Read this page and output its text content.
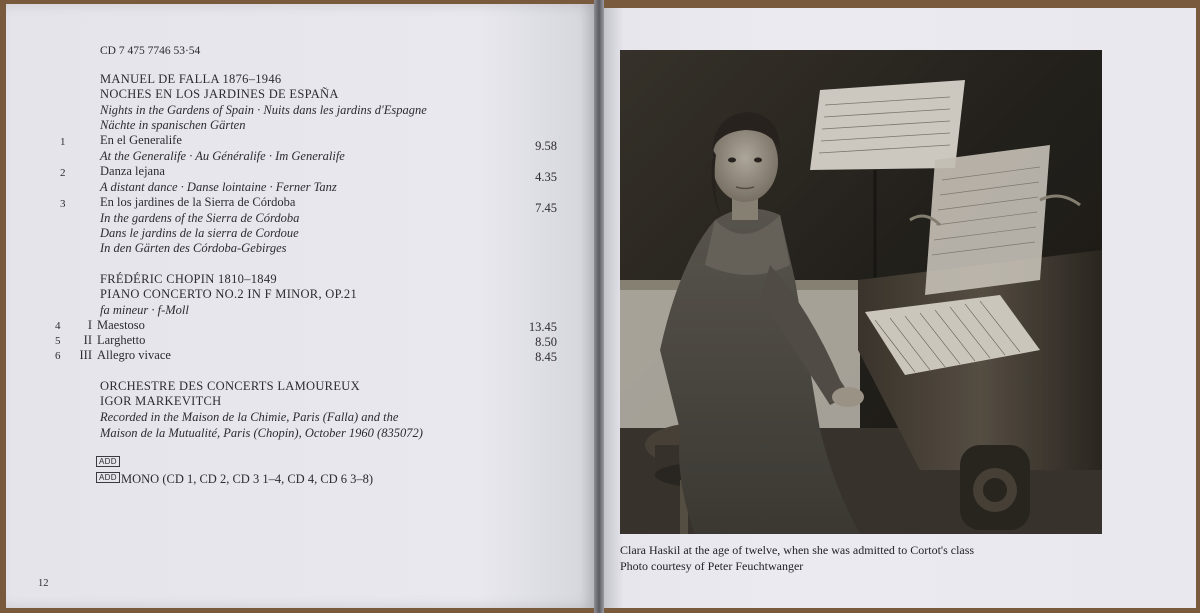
CD 7 475 7746 53·54
MANUEL DE FALLA 1876–1946
NOCHES EN LOS JARDINES DE ESPAÑA
Nights in the Gardens of Spain · Nuits dans les jardins d'Espagne
Nächte in spanischen Gärten
1	En el Generalife	9.58
At the Generalife · Au Généralife · Im Generalife
2	Danza lejana	4.35
A distant dance · Danse lointaine · Ferner Tanz
3	En los jardines de la Sierra de Córdoba	7.45
In the gardens of the Sierra de Córdoba
Dans le jardins de la sierra de Cordoue
In den Gärten des Córdoba-Gebirges
FRÉDÉRIC CHOPIN 1810–1849
PIANO CONCERTO NO.2 IN F MINOR, OP.21
fa mineur · f-Moll
4	I Maestoso	13.45
5	II Larghetto	8.50
6	III Allegro vivace	8.45
ORCHESTRE DES CONCERTS LAMOUREUX
IGOR MARKEVITCH
Recorded in the Maison de la Chimie, Paris (Falla) and the
Maison de la Mutualité, Paris (Chopin), October 1960 (835072)
ADD
ADD MONO (CD 1, CD 2, CD 3 1–4, CD 4, CD 6 3–8)
12
Clara Haskil at the age of twelve, when she was admitted to Cortot's class
Photo courtesy of Peter Feuchtwanger
